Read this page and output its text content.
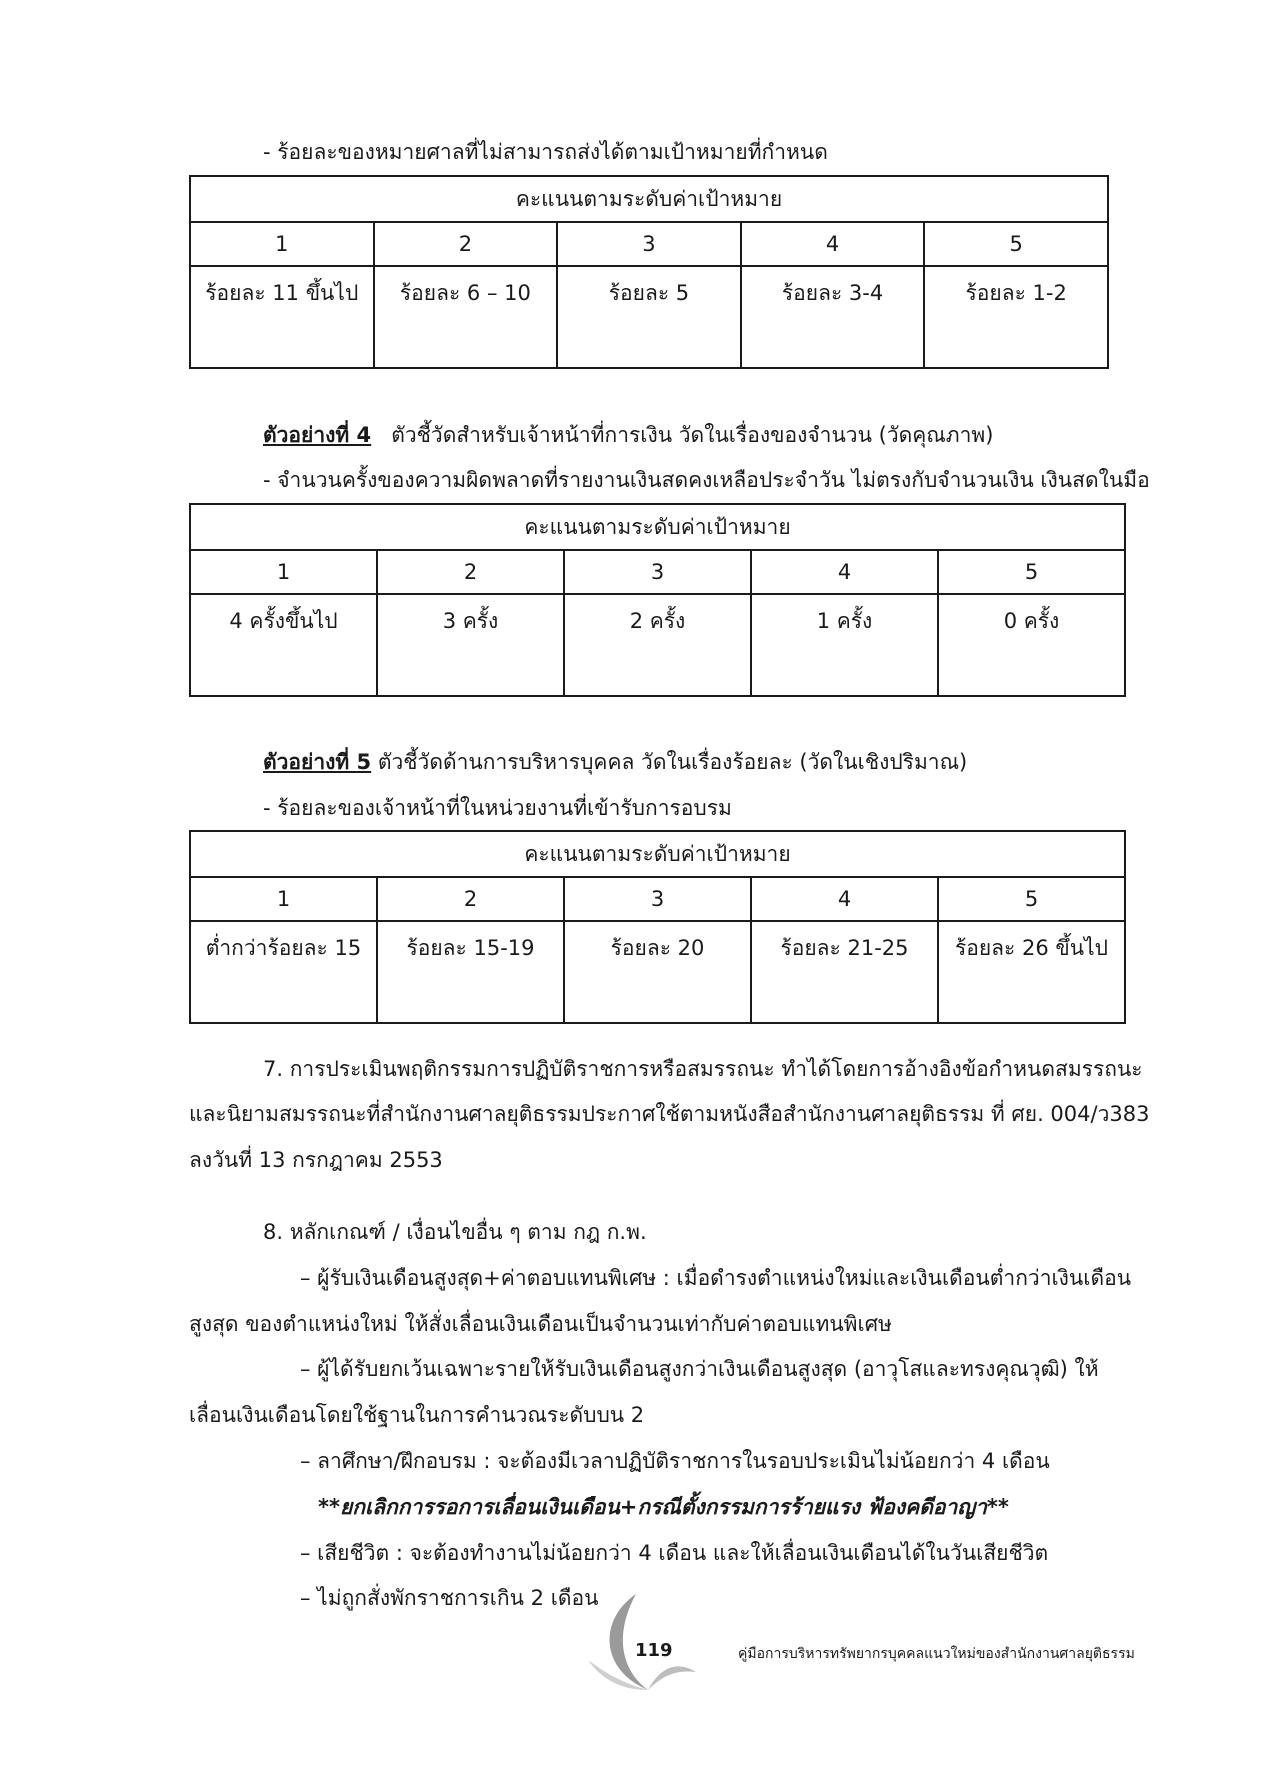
- ร้อยละของหมายศาลที่ไม่สามารถส่งได้ตามเป้าหมายที่กำหนด
คะแนนตามระดับค่าเป้าหมาย				
1	2	3	4	5
ร้อยละ 11 ขึ้นไป	ร้อยละ 6 – 10	ร้อยละ 5	ร้อยละ 3-4	ร้อยละ 1-2
ตัวอย่างที่ 4 ตัวชี้วัดสำหรับเจ้าหน้าที่การเงิน วัดในเรื่องของจำนวน (วัดคุณภาพ)
- จำนวนครั้งของความผิดพลาดที่รายงานเงินสดคงเหลือประจำวัน ไม่ตรงกับจำนวนเงิน เงินสดในมือ
คะแนนตามระดับค่าเป้าหมาย				
1	2	3	4	5
4 ครั้งขึ้นไป	3 ครั้ง	2 ครั้ง	1 ครั้ง	0 ครั้ง
ตัวอย่างที่ 5 ตัวชี้วัดด้านการบริหารบุคคล วัดในเรื่องร้อยละ (วัดในเชิงปริมาณ)
- ร้อยละของเจ้าหน้าที่ในหน่วยงานที่เข้ารับการอบรม
คะแนนตามระดับค่าเป้าหมาย				
1	2	3	4	5
ต่ำกว่าร้อยละ 15	ร้อยละ 15-19	ร้อยละ 20	ร้อยละ 21-25	ร้อยละ 26 ขึ้นไป
7. การประเมินพฤติกรรมการปฏิบัติราชการหรือสมรรถนะ ทำได้โดยการอ้างอิงข้อกำหนดสมรรถนะ
และนิยามสมรรถนะที่สำนักงานศาลยุติธรรมประกาศใช้ตามหนังสือสำนักงานศาลยุติธรรม ที่ ศย. 004/ว383
ลงวันที่ 13 กรกฎาคม 2553
8. หลักเกณฑ์ / เงื่อนไขอื่น ๆ ตาม กฎ ก.พ.
– ผู้รับเงินเดือนสูงสุด+ค่าตอบแทนพิเศษ : เมื่อดำรงตำแหน่งใหม่และเงินเดือนต่ำกว่าเงินเดือน
สูงสุด ของตำแหน่งใหม่ ให้สั่งเลื่อนเงินเดือนเป็นจำนวนเท่ากับค่าตอบแทนพิเศษ
– ผู้ได้รับยกเว้นเฉพาะรายให้รับเงินเดือนสูงกว่าเงินเดือนสูงสุด (อาวุโสและทรงคุณวุฒิ) ให้
เลื่อนเงินเดือนโดยใช้ฐานในการคำนวณระดับบน 2
– ลาศึกษา/ฝึกอบรม : จะต้องมีเวลาปฏิบัติราชการในรอบประเมินไม่น้อยกว่า 4 เดือน
**ยกเลิกการรอการเลื่อนเงินเดือน+กรณีตั้งกรรมการร้ายแรง ฟ้องคดีอาญา**
– เสียชีวิต : จะต้องทำงานไม่น้อยกว่า 4 เดือน และให้เลื่อนเงินเดือนได้ในวันเสียชีวิต
– ไม่ถูกสั่งพักราชการเกิน 2 เดือน
119	คู่มือการบริหารทรัพยากรบุคคลแนวใหม่ของสำนักงานศาลยุติธรรม
